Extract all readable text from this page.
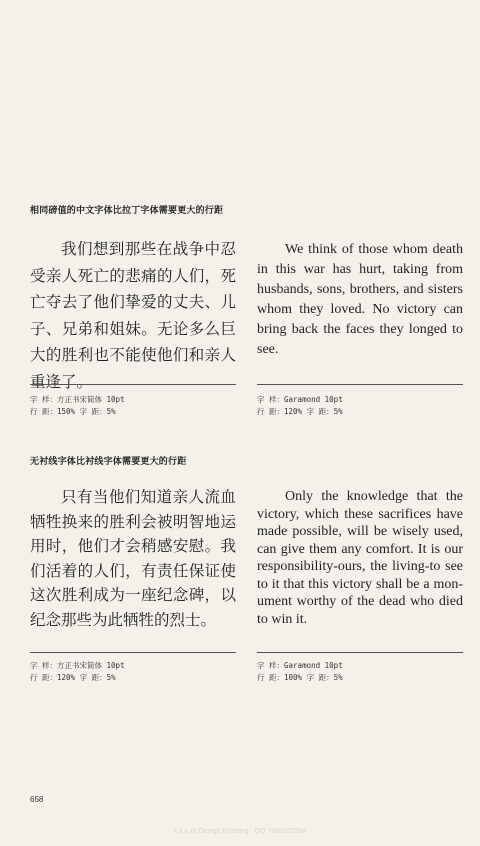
相同磅值的中文字体比拉丁字体需要更大的行距
我们想到那些在战争中忍受亲人死亡的悲痛的人们，死亡夺去了他们挚爱的丈夫、儿子、兄弟和姐妹。无论多么巨大的胜利也不能使他们和亲人重逢了。
We think of those whom death in this war has hurt, taking from husbands, sons, brothers, and sisters whom they loved. No victory can bring back the faces they longed to see.
字 样：方正书宋简体 10pt
行 距：150% 字 距：5%
字 样：Garamond 10pt
行 距：120% 字 距：5%
无衬线字体比衬线字体需要更大的行距
只有当他们知道亲人流血牺牲换来的胜利会被明智地运用时，他们才会稍感安慰。我们活着的人们，有责任保证使这次胜利成为一座纪念碑，以纪念那些为此牺牲的烈士。
Only the knowledge that the victory, which these sacrifices have made possible, will be wisely used, can give them any comfort. It is our responsibility-ours, the living-to see to it that this victory shall be a mon-ument worthy of the dead who died to win it.
字 样：方正书宋简体 10pt
行 距：120% 字 距：5%
字 样：Garamond 10pt
行 距：100% 字 距：5%
658
x.x.x.xx Design Reading · QQ 7981002384
